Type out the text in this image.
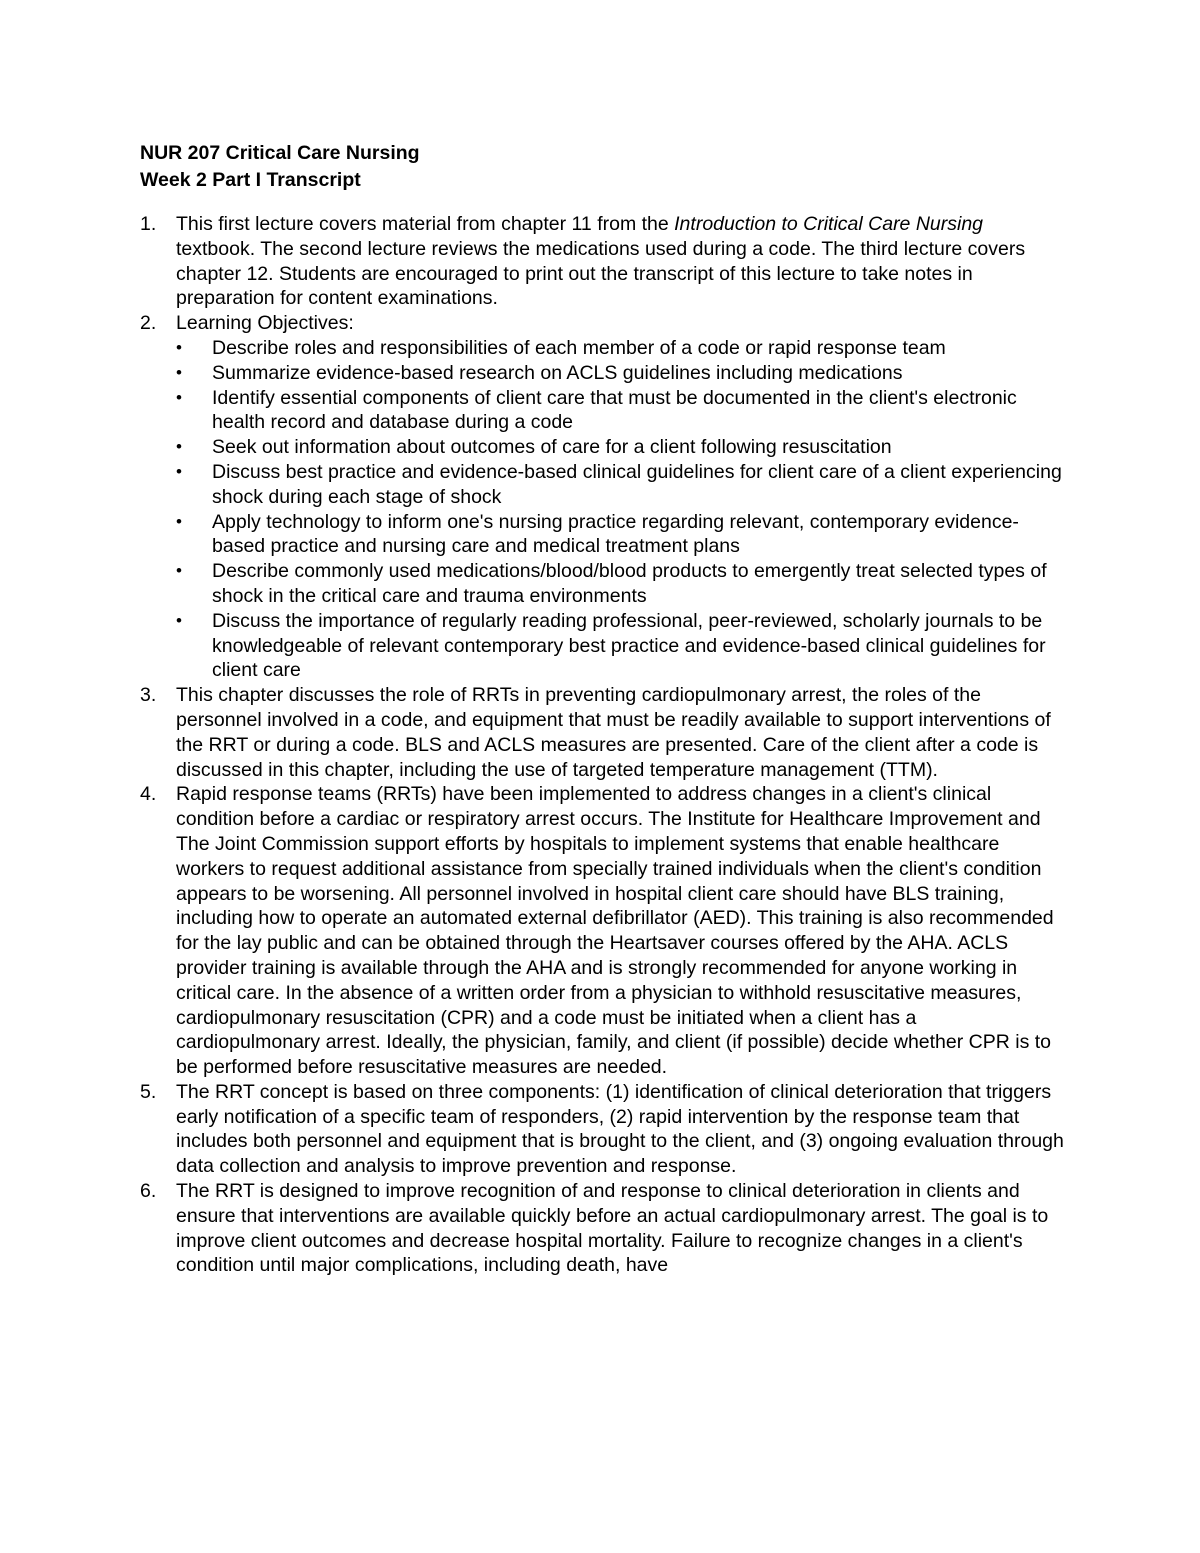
NUR 207 Critical Care Nursing

Week 2 Part I Transcript

1. This first lecture covers material from chapter 11 from the Introduction to Critical Care Nursing textbook. The second lecture reviews the medications used during a code. The third lecture covers chapter 12. Students are encouraged to print out the transcript of this lecture to take notes in preparation for content examinations.

2. Learning Objectives:

• Describe roles and responsibilities of each member of a code or rapid response team
• Summarize evidence-based research on ACLS guidelines including medications
• Identify essential components of client care that must be documented in the client's electronic health record and database during a code
• Seek out information about outcomes of care for a client following resuscitation
• Discuss best practice and evidence-based clinical guidelines for client care of a client experiencing shock during each stage of shock
• Apply technology to inform one's nursing practice regarding relevant, contemporary evidence-based practice and nursing care and medical treatment plans
• Describe commonly used medications/blood/blood products to emergently treat selected types of shock in the critical care and trauma environments
• Discuss the importance of regularly reading professional, peer-reviewed, scholarly journals to be knowledgeable of relevant contemporary best practice and evidence-based clinical guidelines for client care
3. This chapter discusses the role of RRTs in preventing cardiopulmonary arrest, the roles of the personnel involved in a code, and equipment that must be readily available to support interventions of the RRT or during a code. BLS and ACLS measures are presented. Care of the client after a code is discussed in this chapter, including the use of targeted temperature management (TTM).

4. Rapid response teams (RRTs) have been implemented to address changes in a client's clinical condition before a cardiac or respiratory arrest occurs. The Institute for Healthcare Improvement and The Joint Commission support efforts by hospitals to implement systems that enable healthcare workers to request additional assistance from specially trained individuals when the client's condition appears to be worsening. All personnel involved in hospital client care should have BLS training, including how to operate an automated external defibrillator (AED). This training is also recommended for the lay public and can be obtained through the Heartsaver courses offered by the AHA. ACLS provider training is available through the AHA and is strongly recommended for anyone working in critical care. In the absence of a written order from a physician to withhold resuscitative measures, cardiopulmonary resuscitation (CPR) and a code must be initiated when a client has a cardiopulmonary arrest. Ideally, the physician, family, and client (if possible) decide whether CPR is to be performed before resuscitative measures are needed.

5. The RRT concept is based on three components: (1) identification of clinical deterioration that triggers early notification of a specific team of responders, (2) rapid intervention by the response team that includes both personnel and equipment that is brought to the client, and (3) ongoing evaluation through data collection and analysis to improve prevention and response.

6. The RRT is designed to improve recognition of and response to clinical deterioration in clients and ensure that interventions are available quickly before an actual cardiopulmonary arrest. The goal is to improve client outcomes and decrease hospital mortality. Failure to recognize changes in a client's condition until major complications, including death, have
